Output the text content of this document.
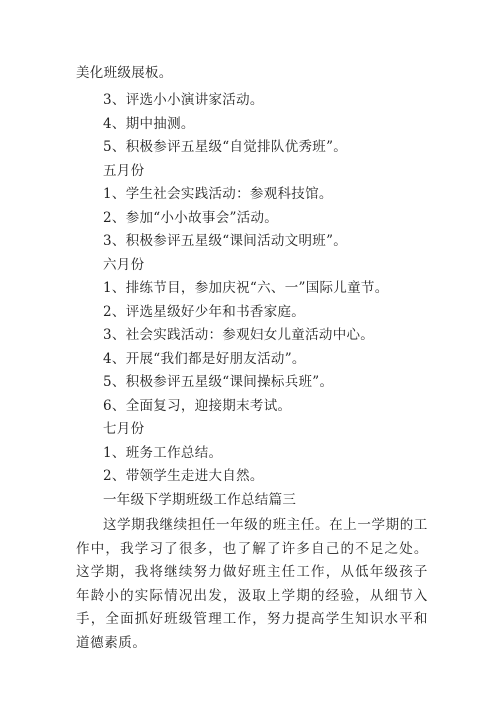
美化班级展板。
3、评选小小演讲家活动。
4、期中抽测。
5、积极参评五星级“自觉排队优秀班”。
五月份
1、学生社会实践活动：参观科技馆。
2、参加“小小故事会”活动。
3、积极参评五星级“课间活动文明班”。
六月份
1、排练节目，参加庆祝“六、一”国际儿童节。
2、评选星级好少年和书香家庭。
3、社会实践活动：参观妇女儿童活动中心。
4、开展“我们都是好朋友活动”。
5、积极参评五星级“课间操标兵班”。
6、全面复习，迎接期末考试。
七月份
1、班务工作总结。
2、带领学生走进大自然。
一年级下学期班级工作总结篇三
这学期我继续担任一年级的班主任。在上一学期的工作中，我学习了很多，也了解了许多自己的不足之处。这学期，我将继续努力做好班主任工作，从低年级孩子年龄小的实际情况出发，汲取上学期的经验，从细节入手，全面抓好班级管理工作，努力提高学生知识水平和道德素质。
